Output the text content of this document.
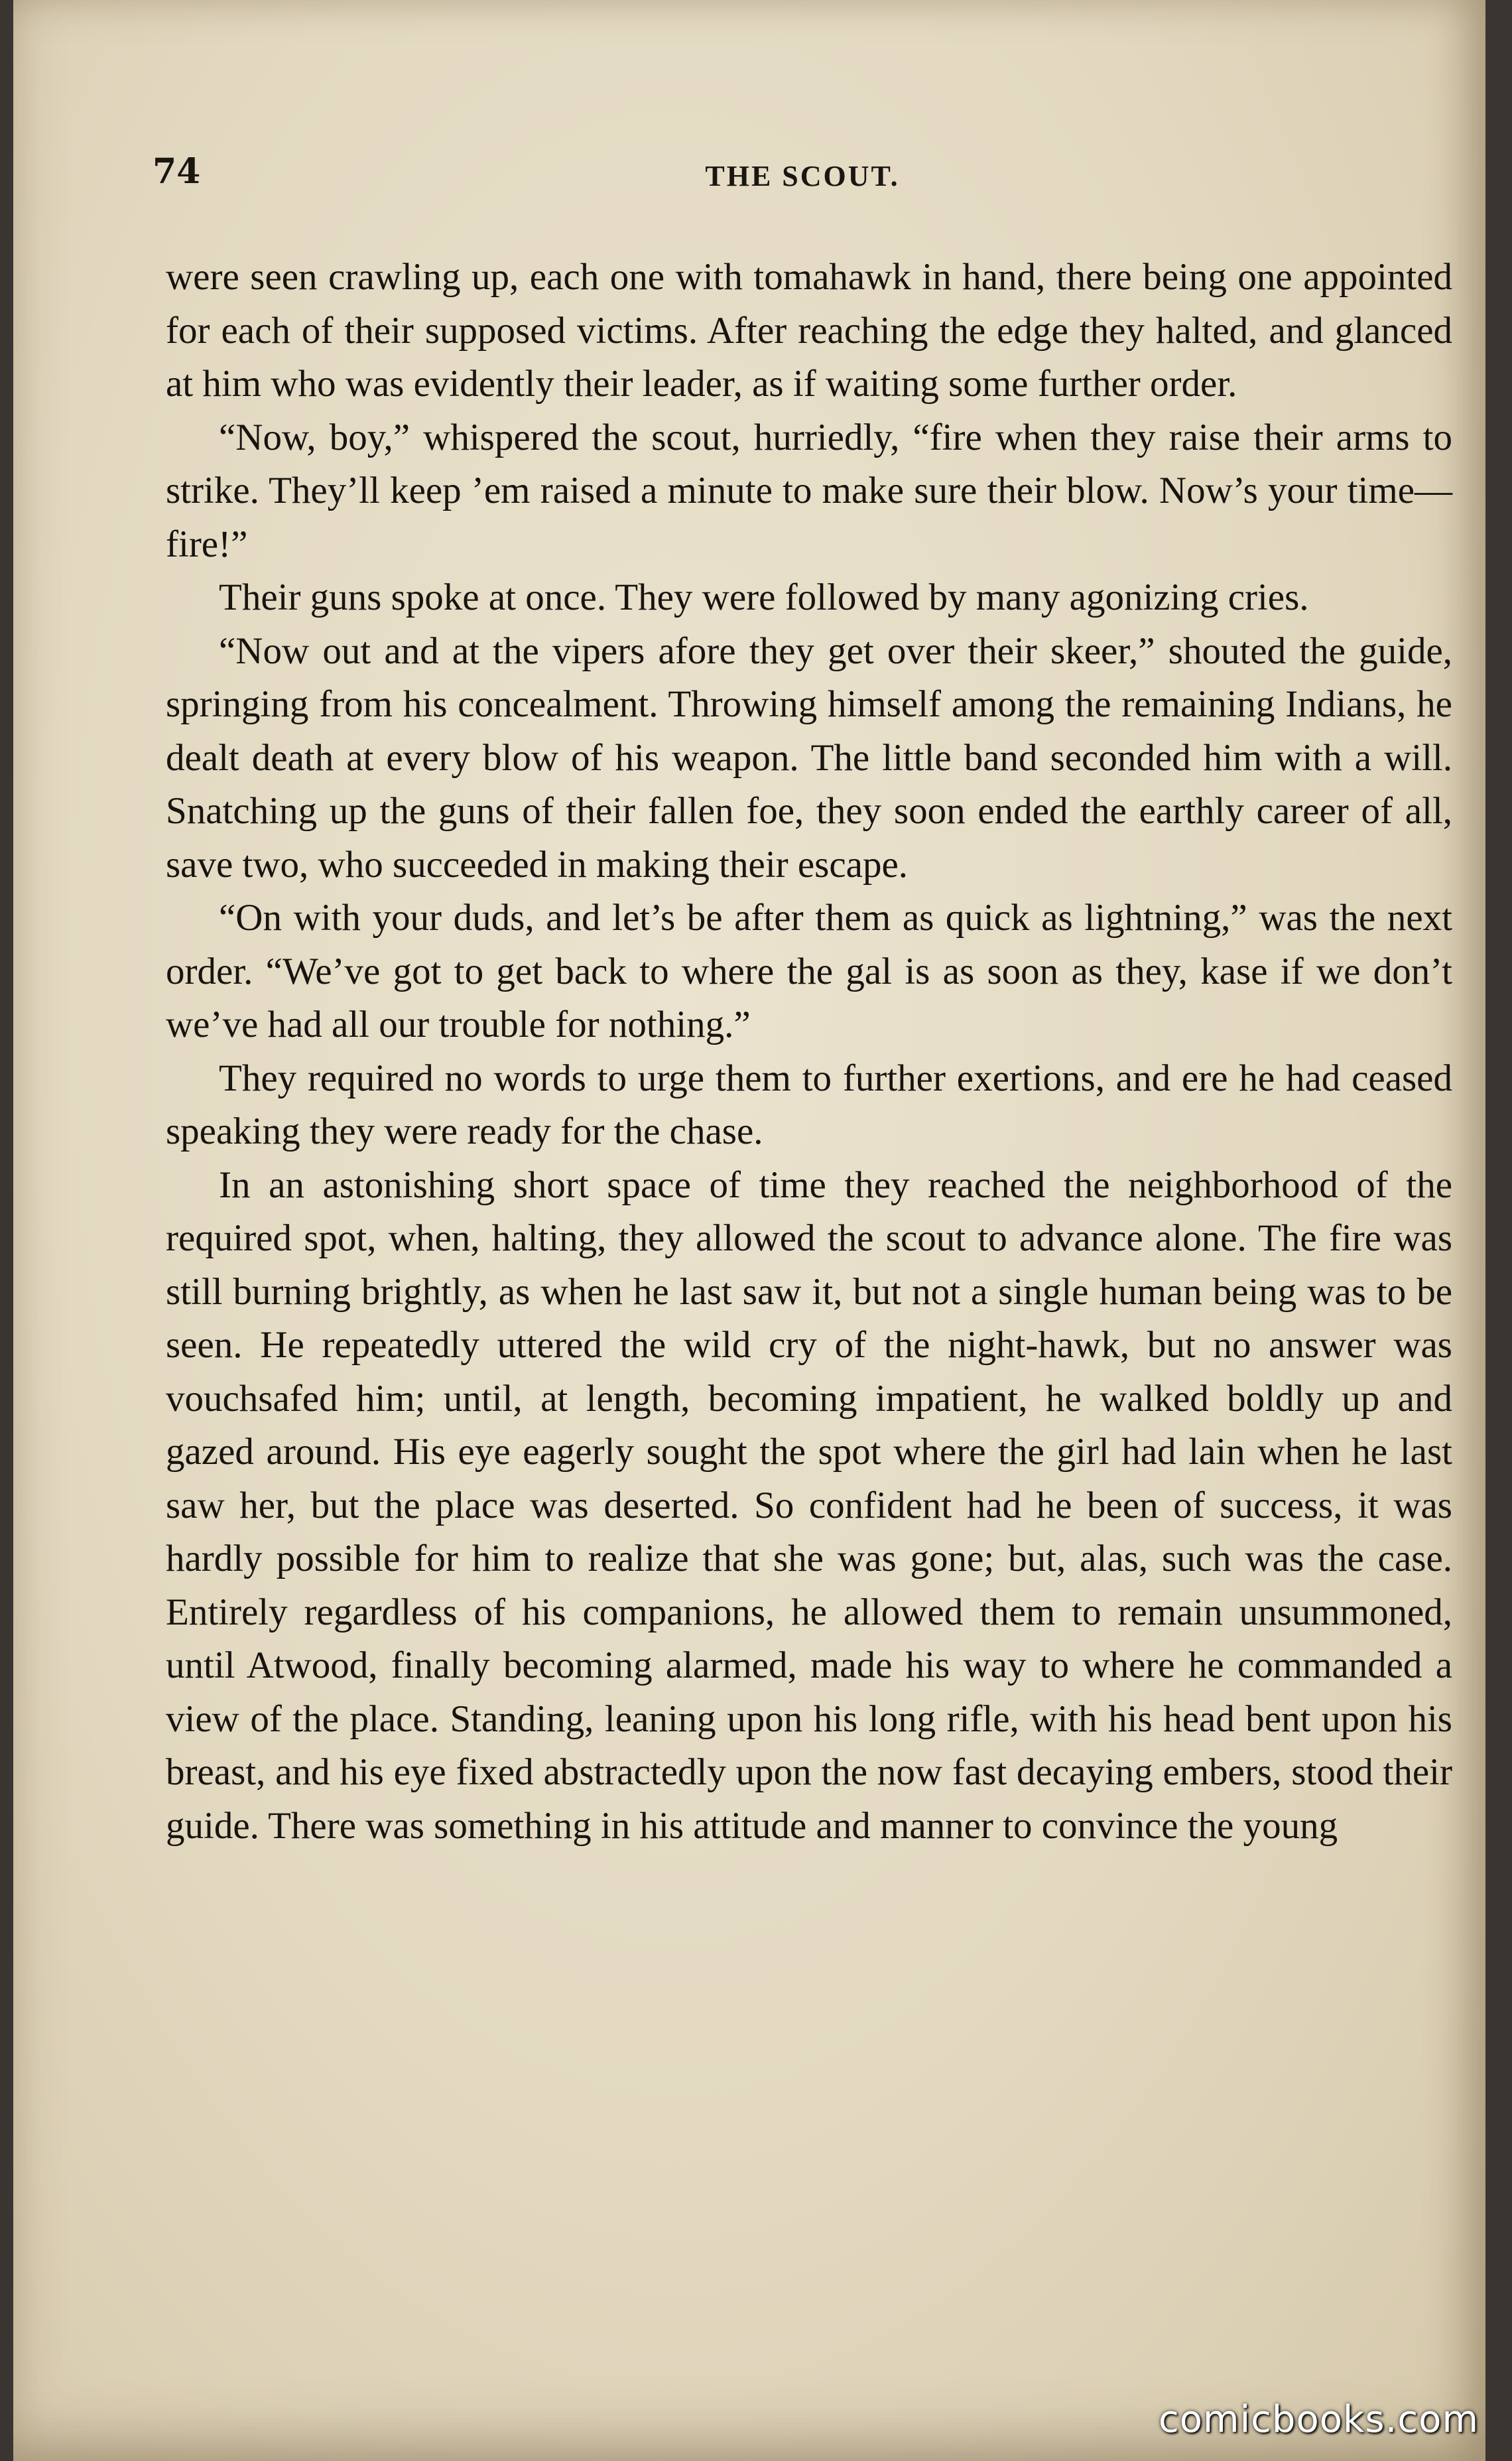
74	THE SCOUT.

were seen crawling up, each one with tomahawk in hand, there being one appointed for each of their supposed victims. After reaching the edge they halted, and glanced at him who was evidently their leader, as if waiting some further order.

“Now, boy,” whispered the scout, hurriedly, “fire when they raise their arms to strike. They’ll keep ’em raised a minute to make sure their blow. Now’s your time—fire!”

Their guns spoke at once. They were followed by many agonizing cries.

“Now out and at the vipers afore they get over their skeer,” shouted the guide, springing from his concealment. Throwing himself among the remaining Indians, he dealt death at every blow of his weapon. The little band seconded him with a will. Snatching up the guns of their fallen foe, they soon ended the earthly career of all, save two, who succeeded in making their escape.

“On with your duds, and let’s be after them as quick as lightning,” was the next order. “We’ve got to get back to where the gal is as soon as they, kase if we don’t we’ve had all our trouble for nothing.”

They required no words to urge them to further exertions, and ere he had ceased speaking they were ready for the chase.

In an astonishing short space of time they reached the neighborhood of the required spot, when, halting, they allowed the scout to advance alone. The fire was still burning brightly, as when he last saw it, but not a single human being was to be seen. He repeatedly uttered the wild cry of the night-hawk, but no answer was vouchsafed him; until, at length, becoming impatient, he walked boldly up and gazed around. His eye eagerly sought the spot where the girl had lain when he last saw her, but the place was deserted. So confident had he been of success, it was hardly possible for him to realize that she was gone; but, alas, such was the case. Entirely regardless of his companions, he allowed them to remain unsummoned, until Atwood, finally becoming alarmed, made his way to where he commanded a view of the place. Standing, leaning upon his long rifle, with his head bent upon his breast, and his eye fixed abstractedly upon the now fast decaying embers, stood their guide. There was something in his attitude and manner to convince the young

comicbooks.com
